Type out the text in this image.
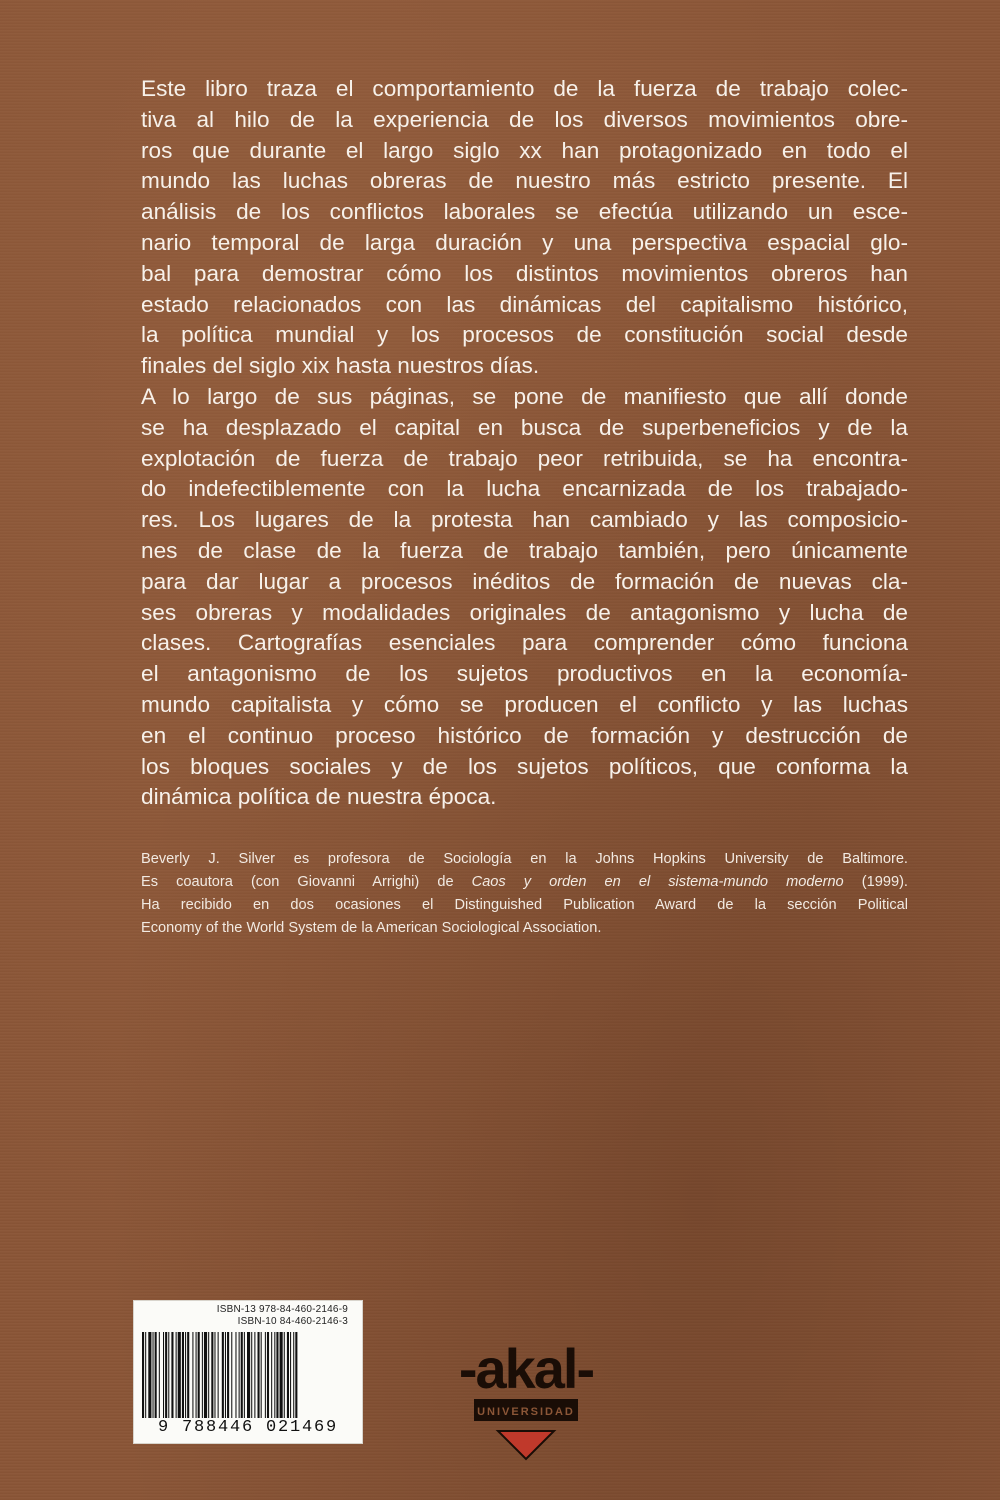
Este libro traza el comportamiento de la fuerza de trabajo colec-
tiva al hilo de la experiencia de los diversos movimientos obre-
ros que durante el largo siglo xx han protagonizado en todo el
mundo las luchas obreras de nuestro más estricto presente. El
análisis de los conflictos laborales se efectúa utilizando un esce-
nario temporal de larga duración y una perspectiva espacial glo-
bal para demostrar cómo los distintos movimientos obreros han
estado relacionados con las dinámicas del capitalismo histórico,
la política mundial y los procesos de constitución social desde
finales del siglo xix hasta nuestros días.
A lo largo de sus páginas, se pone de manifiesto que allí donde
se ha desplazado el capital en busca de superbeneficios y de la
explotación de fuerza de trabajo peor retribuida, se ha encontra-
do indefectiblemente con la lucha encarnizada de los trabajado-
res. Los lugares de la protesta han cambiado y las composicio-
nes de clase de la fuerza de trabajo también, pero únicamente
para dar lugar a procesos inéditos de formación de nuevas cla-
ses obreras y modalidades originales de antagonismo y lucha de
clases. Cartografías esenciales para comprender cómo funciona
el antagonismo de los sujetos productivos en la economía-
mundo capitalista y cómo se producen el conflicto y las luchas
en el continuo proceso histórico de formación y destrucción de
los bloques sociales y de los sujetos políticos, que conforma la
dinámica política de nuestra época.
Beverly J. Silver es profesora de Sociología en la Johns Hopkins University de Baltimore.
Es coautora (con Giovanni Arrighi) de Caos y orden en el sistema-mundo moderno (1999).
Ha recibido en dos ocasiones el Distinguished Publication Award de la sección Political
Economy of the World System de la American Sociological Association.
ISBN-13 978-84-460-2146-9
ISBN-10 84-460-2146-3
9 788446 021469
UNIVERSIDAD
-akal-
